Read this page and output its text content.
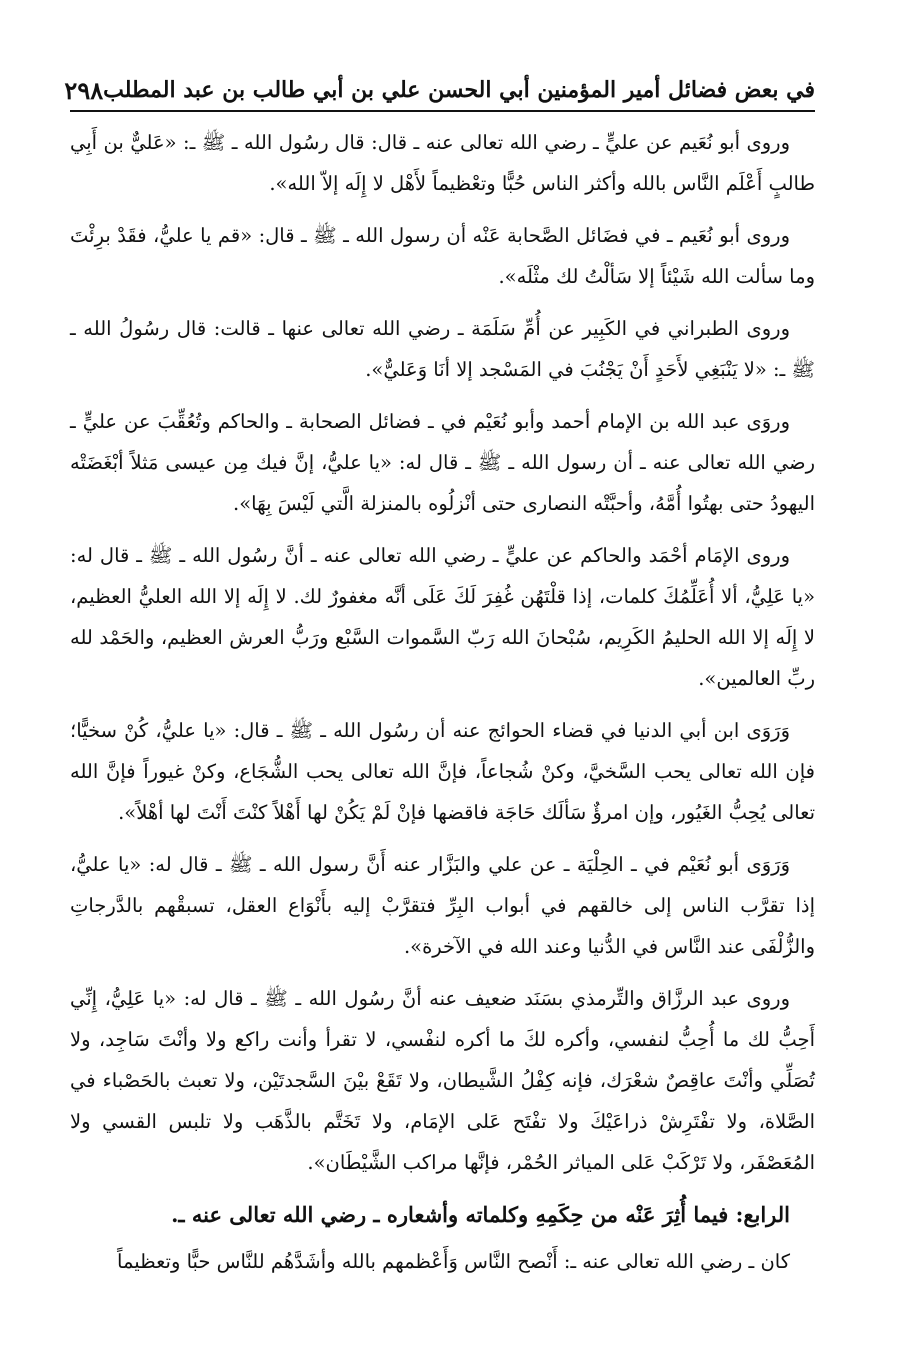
في بعض فضائل أمير المؤمنين أبي الحسن علي بن أبي طالب بن عبد المطلب
٢٩٨

وروى أبو نُعَيم عن عليٍّ ـ رضي الله تعالى عنه ـ قال: قال رسُول الله ـ ﷺ ـ: «عَليٌّ بن أَبِي طالبٍ أَعْلَم النَّاس بالله وأكثر الناس حُبًّا وتعْظيماً لأَهْل لا إِلَه إلاّ الله».

وروى أبو نُعَيم ـ في فضَائل الصَّحابة عَنْه أن رسول الله ـ ﷺ ـ قال: «قم يا عليُّ، فقَدْ برِئْتَ وما سألت الله شَيْئاً إلا سَألْتُ لك مثْلَه».

وروى الطبراني في الكَبِير عن أُمِّ سَلَمَة ـ رضي الله تعالى عنها ـ قالت: قال رسُولُ الله ـ ﷺ ـ: «لا يَنْبَغِي لأَحَدٍ أَنْ يَجْنُبَ في المَسْجد إلا أنَا وَعَليٌّ».

وروَى عبد الله بن الإمام أحمد وأبو نُعَيْم في ـ فضائل الصحابة ـ والحاكم وتُعُقِّبَ عن عليٍّ ـ رضي الله تعالى عنه ـ أن رسول الله ـ ﷺ ـ قال له: «يا عليُّ، إنَّ فيك مِن عيسى مَثلاً أبْغَضَتْه اليهودُ حتى بهتُوا أُمَّهُ، وأحبَّتْه النصارى حتى أنْزلُوه بالمنزلة الَّتي لَيْسَ بِهَا».

وروى الإمَام أحْمَد والحاكم عن عليٍّ ـ رضي الله تعالى عنه ـ أنَّ رسُول الله ـ ﷺ ـ قال له: «يا عَلِيُّ، ألا أُعَلِّمُكَ كلمات، إذا قلْتَهُن غُفِرَ لَكَ عَلَى أنَّه مغفورٌ لك. لا إِلَه إلا الله العليُّ العظيم، لا إِلَه إلا الله الحليمُ الكَرِيم، سُبْحانَ الله رَبّ السَّموات السَّبْع ورَبُّ العرش العظيم، والحَمْد لله ربِّ العالمين».

وَرَوَى ابن أبي الدنيا في قضاء الحوائج عنه أن رسُول الله ـ ﷺ ـ قال: «يا عليُّ، كُنْ سخيًّا؛ فإن الله تعالى يحب السَّخيَّ، وكنْ شُجاعاً، فإنَّ الله تعالى يحب الشُّجَاع، وكنْ غيوراً فإنَّ الله تعالى يُحِبُّ الغَيُور، وإن امرؤٌ سَألَك حَاجَة فاقضها فإنْ لَمْ يَكُنْ لها أَهْلاً كنْتَ أَنْتَ لها أهْلاً».

وَرَوَى أبو نُعَيْم في ـ الحِلْيَة ـ عن علي والبَزَّار عنه أَنَّ رسول الله ـ ﷺ ـ قال له: «يا عليُّ، إذا تقرَّب الناس إلى خالقهم في أبواب البِرِّ فتقرَّبْ إليه بأَنْوَاع العقل، تسبقْهم بالدَّرجاتِ والزُّلْفَى عند النَّاس في الدُّنيا وعند الله في الآخرة».

وروى عبد الرزَّاق والتِّرمذي بسَنَد ضعيف عنه أنَّ رسُول الله ـ ﷺ ـ قال له: «يا عَلِيُّ، إِنِّي أَحِبُّ لك ما أُحِبُّ لنفسي، وأكره لكَ ما أكره لنفْسي، لا تقرأ وأنت راكع ولا وأنْتَ سَاجِد، ولا تُصَلِّي وأنْتَ عاقِصٌ شعْرَك، فإنه كِفْلُ الشَّيطان، ولا تَقَعْ بيْنَ السَّجدتَيْن، ولا تعبث بالحَصْباء في الصَّلاة، ولا تفْتَرِشْ ذراعَيْكَ ولا تفْتَح عَلى الإمَام، ولا تَخَتَّم بالذَّهَب ولا تلبس القسي ولا المُعَصْفَر، ولا تَرْكَبْ عَلى المياثر الحُمْر، فإنَّها مراكب الشَّيْطَان».

الرابع: فيما أُثِرَ عَنْه من حِكَمِهِ وكلماته وأشعاره ـ رضي الله تعالى عنه ـ.

كان ـ رضي الله تعالى عنه ـ: أَنْصح النَّاس وَأَعْظمهم بالله وأشَدَّهُم للنَّاس حبًّا وتعظيماً
